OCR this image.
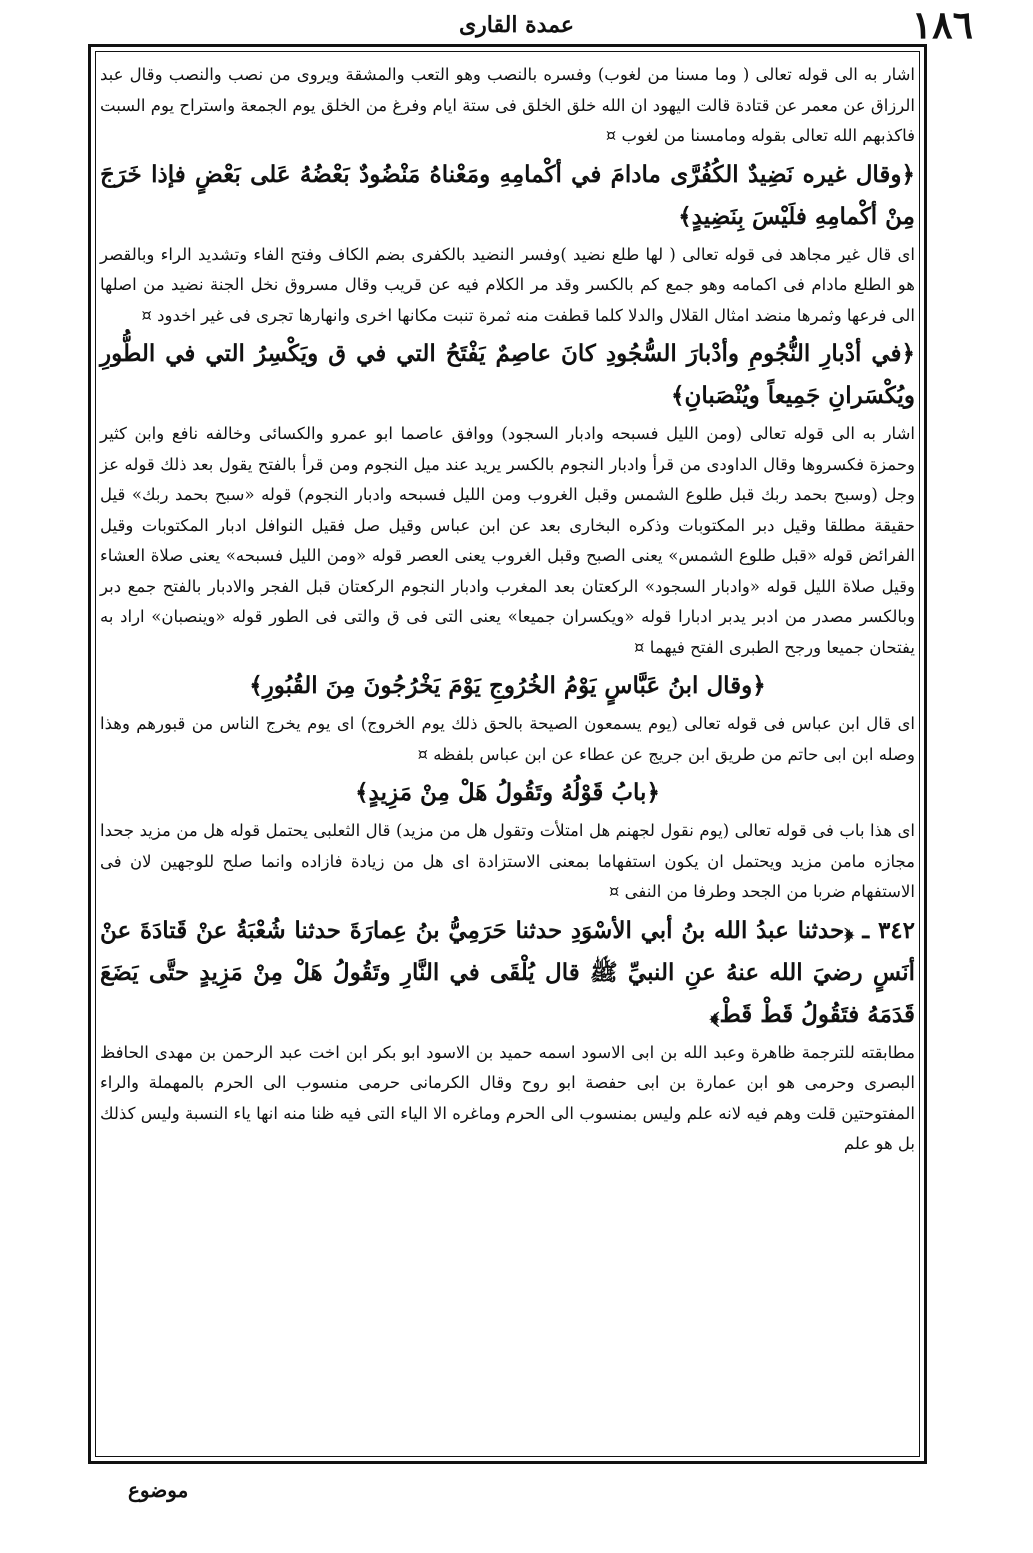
١٨٦
عمدة القارى

اشار به الى قوله تعالى ( وما مسنا من لغوب) وفسره بالنصب وهو التعب والمشقة ويروى من نصب والنصب وقال عبد الرزاق عن معمر عن قتادة قالت اليهود ان الله خلق الخلق فى ستة ايام وفرغ من الخلق يوم الجمعة واستراح يوم السبت فاكذبهم الله تعالى بقوله ومامسنا من لغوب ¤

﴿وقال غيره نَضِيدٌ الكُفُرَّى مادامَ في أكْمامِهِ ومَعْناهُ مَنْضُودٌ بَعْضُهُ عَلى بَعْضٍ فإذا خَرَجَ مِنْ أكْمامِهِ فلَيْسَ بِنَضِيدٍ﴾

اى قال غير مجاهد فى قوله تعالى ( لها طلع نضيد )وفسر النضيد بالكفرى بضم الكاف وفتح الفاء وتشديد الراء وبالقصر هو الطلع مادام فى اكمامه وهو جمع كم بالكسر وقد مر الكلام فيه عن قريب وقال مسروق نخل الجنة نضيد من اصلها الى فرعها وثمرها منضد امثال القلال والدلا كلما قطفت منه ثمرة تنبت مكانها اخرى وانهارها تجرى فى غير اخدود ¤

﴿في أدْبارِ النُّجُومِ وأدْبارَ السُّجُودِ كانَ عاصِمٌ يَفْتَحُ التي في ق ويَكْسِرُ التي في الطُّورِ ويُكْسَرانِ جَمِيعاً ويُنْصَبانِ﴾

اشار به الى قوله تعالى (ومن الليل فسبحه وادبار السجود) ووافق عاصما ابو عمرو والكسائى وخالفه نافع وابن كثير وحمزة فكسروها وقال الداودى من قرأ وادبار النجوم بالكسر يريد عند ميل النجوم ومن قرأ بالفتح يقول بعد ذلك قوله عز وجل (وسبح بحمد ربك قبل طلوع الشمس وقبل الغروب ومن الليل فسبحه وادبار النجوم) قوله «سبح بحمد ربك» قيل حقيقة مطلقا وقيل دبر المكتوبات وذكره البخارى بعد عن ابن عباس وقيل صل فقيل النوافل ادبار المكتوبات وقيل الفرائض قوله «قبل طلوع الشمس» يعنى الصبح وقبل الغروب يعنى العصر قوله «ومن الليل فسبحه» يعنى صلاة العشاء وقيل صلاة الليل قوله «وادبار السجود» الركعتان بعد المغرب وادبار النجوم الركعتان قبل الفجر والادبار بالفتح جمع دبر وبالكسر مصدر من ادبر يدبر ادبارا قوله «ويكسران جميعا» يعنى التى فى ق والتى فى الطور قوله «وينصبان» اراد به يفتحان جميعا ورجح الطبرى الفتح فيهما ¤

﴿وقال ابنُ عَبَّاسٍ يَوْمُ الخُرُوجِ يَوْمَ يَخْرُجُونَ مِنَ القُبُورِ﴾

اى قال ابن عباس فى قوله تعالى (يوم يسمعون الصيحة بالحق ذلك يوم الخروج) اى يوم يخرج الناس من قبورهم وهذا وصله ابن ابى حاتم من طريق ابن جريج عن عطاء عن ابن عباس بلفظه ¤

﴿بابُ قَوْلُهُ وتَقُولُ هَلْ مِنْ مَزِيدٍ﴾

اى هذا باب فى قوله تعالى (يوم نقول لجهنم هل امتلأت وتقول هل من مزيد) قال الثعلبى يحتمل قوله هل من مزيد جحدا مجازه مامن مزيد ويحتمل ان يكون استفهاما بمعنى الاستزادة اى هل من زيادة فازاده وانما صلح للوجهين لان فى الاستفهام ضربا من الجحد وطرفا من النفى ¤

٣٤٢ ـ ﴿حدثنا عبدُ الله بنُ أبي الأسْوَدِ حدثنا حَرَمِيُّ بنُ عِمارَةَ حدثنا شُعْبَةُ عنْ قَتادَةَ عنْ أنَسٍ رضيَ الله عنهُ عنِ النبيِّ ﷺ قال يُلْقَى في النَّارِ وتَقُولُ هَلْ مِنْ مَزِيدٍ حتَّى يَضَعَ قَدَمَهُ فتَقُولُ قَطْ قَطْ﴾

مطابقته للترجمة ظاهرة وعبد الله بن ابى الاسود اسمه حميد بن الاسود ابو بكر ابن اخت عبد الرحمن بن مهدى الحافظ البصرى وحرمى هو ابن عمارة بن ابى حفصة ابو روح وقال الكرمانى حرمى منسوب الى الحرم بالمهملة والراء المفتوحتين قلت وهم فيه لانه علم وليس بمنسوب الى الحرم وماغره الا الياء التى فيه ظنا منه انها ياء النسبة وليس كذلك بل هو علم

موضوع
